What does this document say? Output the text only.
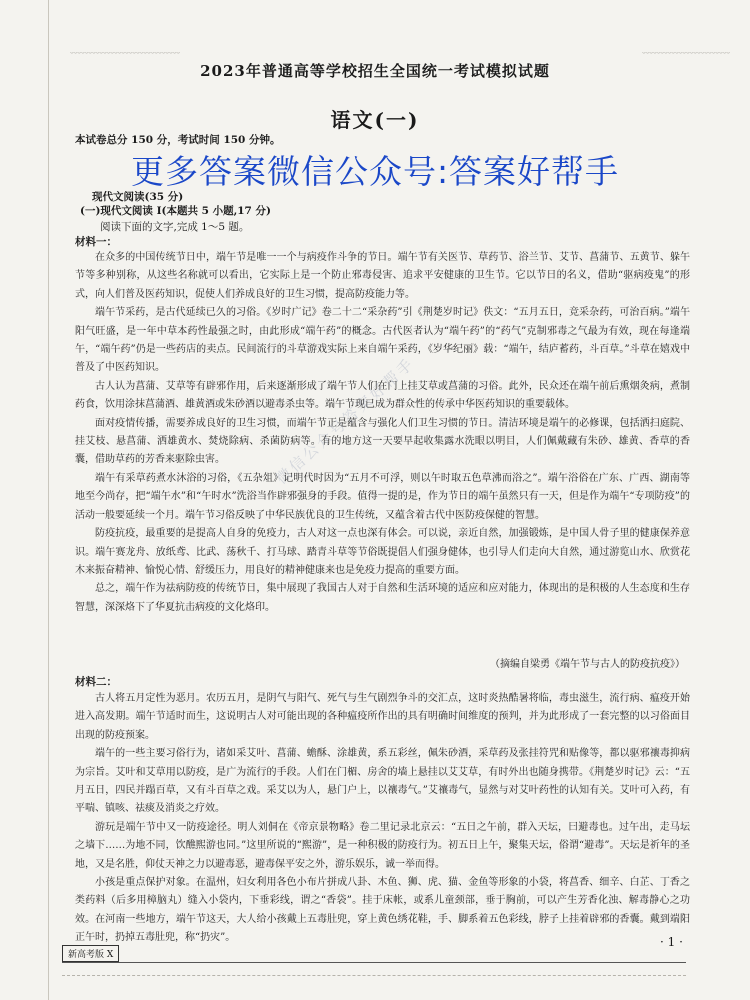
﹏﹏﹏﹏﹏﹏﹏﹏﹏﹏	﹏﹏﹏﹏﹏﹏﹏﹏
2023年普通高等学校招生全国统一考试模拟试题
语文(一)
本试卷总分 150 分，考试时间 150 分钟。
更多答案微信公众号:答案好帮手
现代文阅读(35 分)
(一)现代文阅读 I(本题共 5 小题,17 分)
阅读下面的文字,完成 1～5 题。
材料一：

在众多的中国传统节日中，端午节是唯一一个与病疫作斗争的节日。端午节有关医节、草药节、浴兰节、艾节、菖蒲节、五黄节、躲午节等多种别称，从这些名称就可以看出，它实际上是一个防止邪毒侵害、追求平安健康的卫生节。它以节日的名义，借助“驱病疫鬼”的形式，向人们普及医药知识，促使人们养成良好的卫生习惯，提高防疫能力等。

端午节采药，是古代延续已久的习俗。《岁时广记》卷二十二“采杂药”引《荆楚岁时记》佚文：“五月五日，竞采杂药，可治百病。”端午阳气旺盛，是一年中草本药性最强之时，由此形成“端午药”的概念。古代医者认为“端午药”的“药气”克制邪毒之气最为有效，现在每逢端午，“端午药”仍是一些药店的卖点。民间流行的斗草游戏实际上来自端午采药，《岁华纪丽》载：“端午，结庐蓄药，斗百草。”斗草在嬉戏中普及了中医药知识。

古人认为菖蒲、艾草等有辟邪作用，后来逐渐形成了端午节人们在门上挂艾草或菖蒲的习俗。此外，民众还在端午前后熏烟灸病，煮制药食，饮用涂抹菖蒲酒、雄黄酒或朱砂酒以避毒杀虫等。端午节现已成为群众性的传承中华医药知识的重要载体。

面对疫情传播，需要养成良好的卫生习惯，而端午节正是蕴含与强化人们卫生习惯的节日。清洁环境是端午的必修课，包括洒扫庭院、挂艾枝、悬菖蒲、洒雄黄水、焚烧除病、杀菌防病等。有的地方这一天要早起收集露水洗眼以明目，人们佩戴藏有朱砂、雄黄、香草的香囊，借助草药的芳香来驱除虫害。

端午有采草药煮水沐浴的习俗，《五杂俎》记明代时因为“五月不可浮，则以午时取五色草沸而浴之”。端午浴俗在广东、广西、湖南等地至今尚存，把“端午水”和“午时水”洗浴当作辟邪强身的手段。值得一提的是，作为节日的端午虽然只有一天，但是作为端午“专项防疫”的活动一般要延续一个月。端午节习俗反映了中华民族优良的卫生传统，又蕴含着古代中医防疫保健的智慧。

防疫抗疫，最重要的是提高人自身的免疫力，古人对这一点也深有体会。可以说，亲近自然，加强锻炼，是中国人骨子里的健康保养意识。端午赛龙舟、放纸鸢、比武、荡秋千、打马球、踏青斗草等节俗既提倡人们强身健体，也引导人们走向大自然，通过游览山水、欣赏花木来振奋精神、愉悦心情、舒缓压力，用良好的精神健康来也是免疫力提高的重要方面。

总之，端午作为祛病防疫的传统节日，集中展现了我国古人对于自然和生活环境的适应和应对能力，体现出的是积极的人生态度和生存智慧，深深烙下了华夏抗击病疫的文化烙印。

（摘编自梁勇《端午节与古人的防疫抗疫》）
材料二：

古人将五月定性为恶月。农历五月，是阴气与阳气、死气与生气剧烈争斗的交汇点，这时炎热酷暑将临，毒虫滋生，流行病、瘟疫开始进入高发期。端午节适时而生，这说明古人对可能出现的各种瘟疫所作出的具有明确时间维度的预判，并为此形成了一套完整的以习俗面目出现的防疫预案。

端午的一些主要习俗行为，诸如采艾叶、菖蒲、蟾酥、涂雄黄，系五彩丝，佩朱砂酒，采草药及张挂符咒和贴像等，都以驱邪禳毒抑病为宗旨。艾叶和艾草用以防疫，是广为流行的手段。人们在门楣、房舍的墙上悬挂以艾艾草，有时外出也随身携带。《荆楚岁时记》云：“五月五日，四民并蹋百草，又有斗百草之戏。采艾以为人，悬门户上，以禳毒气。”艾禳毒气，显然与对艾叶药性的认知有关。艾叶可入药，有平喘、镇咳、祛痰及消炎之疗效。

游玩是端午节中又一防疫途径。明人刘侗在《帝京景物略》卷二里记录北京云：“五日之午前，群入天坛，曰避毒也。过午出，走马坛之墙下……为地不同，饮醮熙游也同。”这里所说的“熙游”，是一种积极的防疫行为。初五日上午，聚集天坛，俗谓“避毒”。天坛是祈年的圣地，又是名胜，仰仗天神之力以避毒恶，避毒保平安之外，游乐娱乐，诚一举而得。

小孩是重点保护对象。在温州，妇女利用各色小布片拼成八卦、木鱼、狮、虎、猫、金鱼等形象的小袋，将菖香、细辛、白芷、丁香之类药料（后多用樟脑丸）缝入小袋内，下垂彩线，谓之“香袋”。挂于床帐，或系儿童颈部，垂于胸前，可以产生芳香化浊、解毒静心之功效。在河南一些地方，端午节这天，大人给小孩戴上五毒肚兜，穿上黄色绣花鞋，手、脚系着五色彩线，脖子上挂着辟邪的香囊。戴到端阳正午时，扔掉五毒肚兜，称“扔灾”。

微信公众号答案好帮手
· 1 ·
新高考版 X
